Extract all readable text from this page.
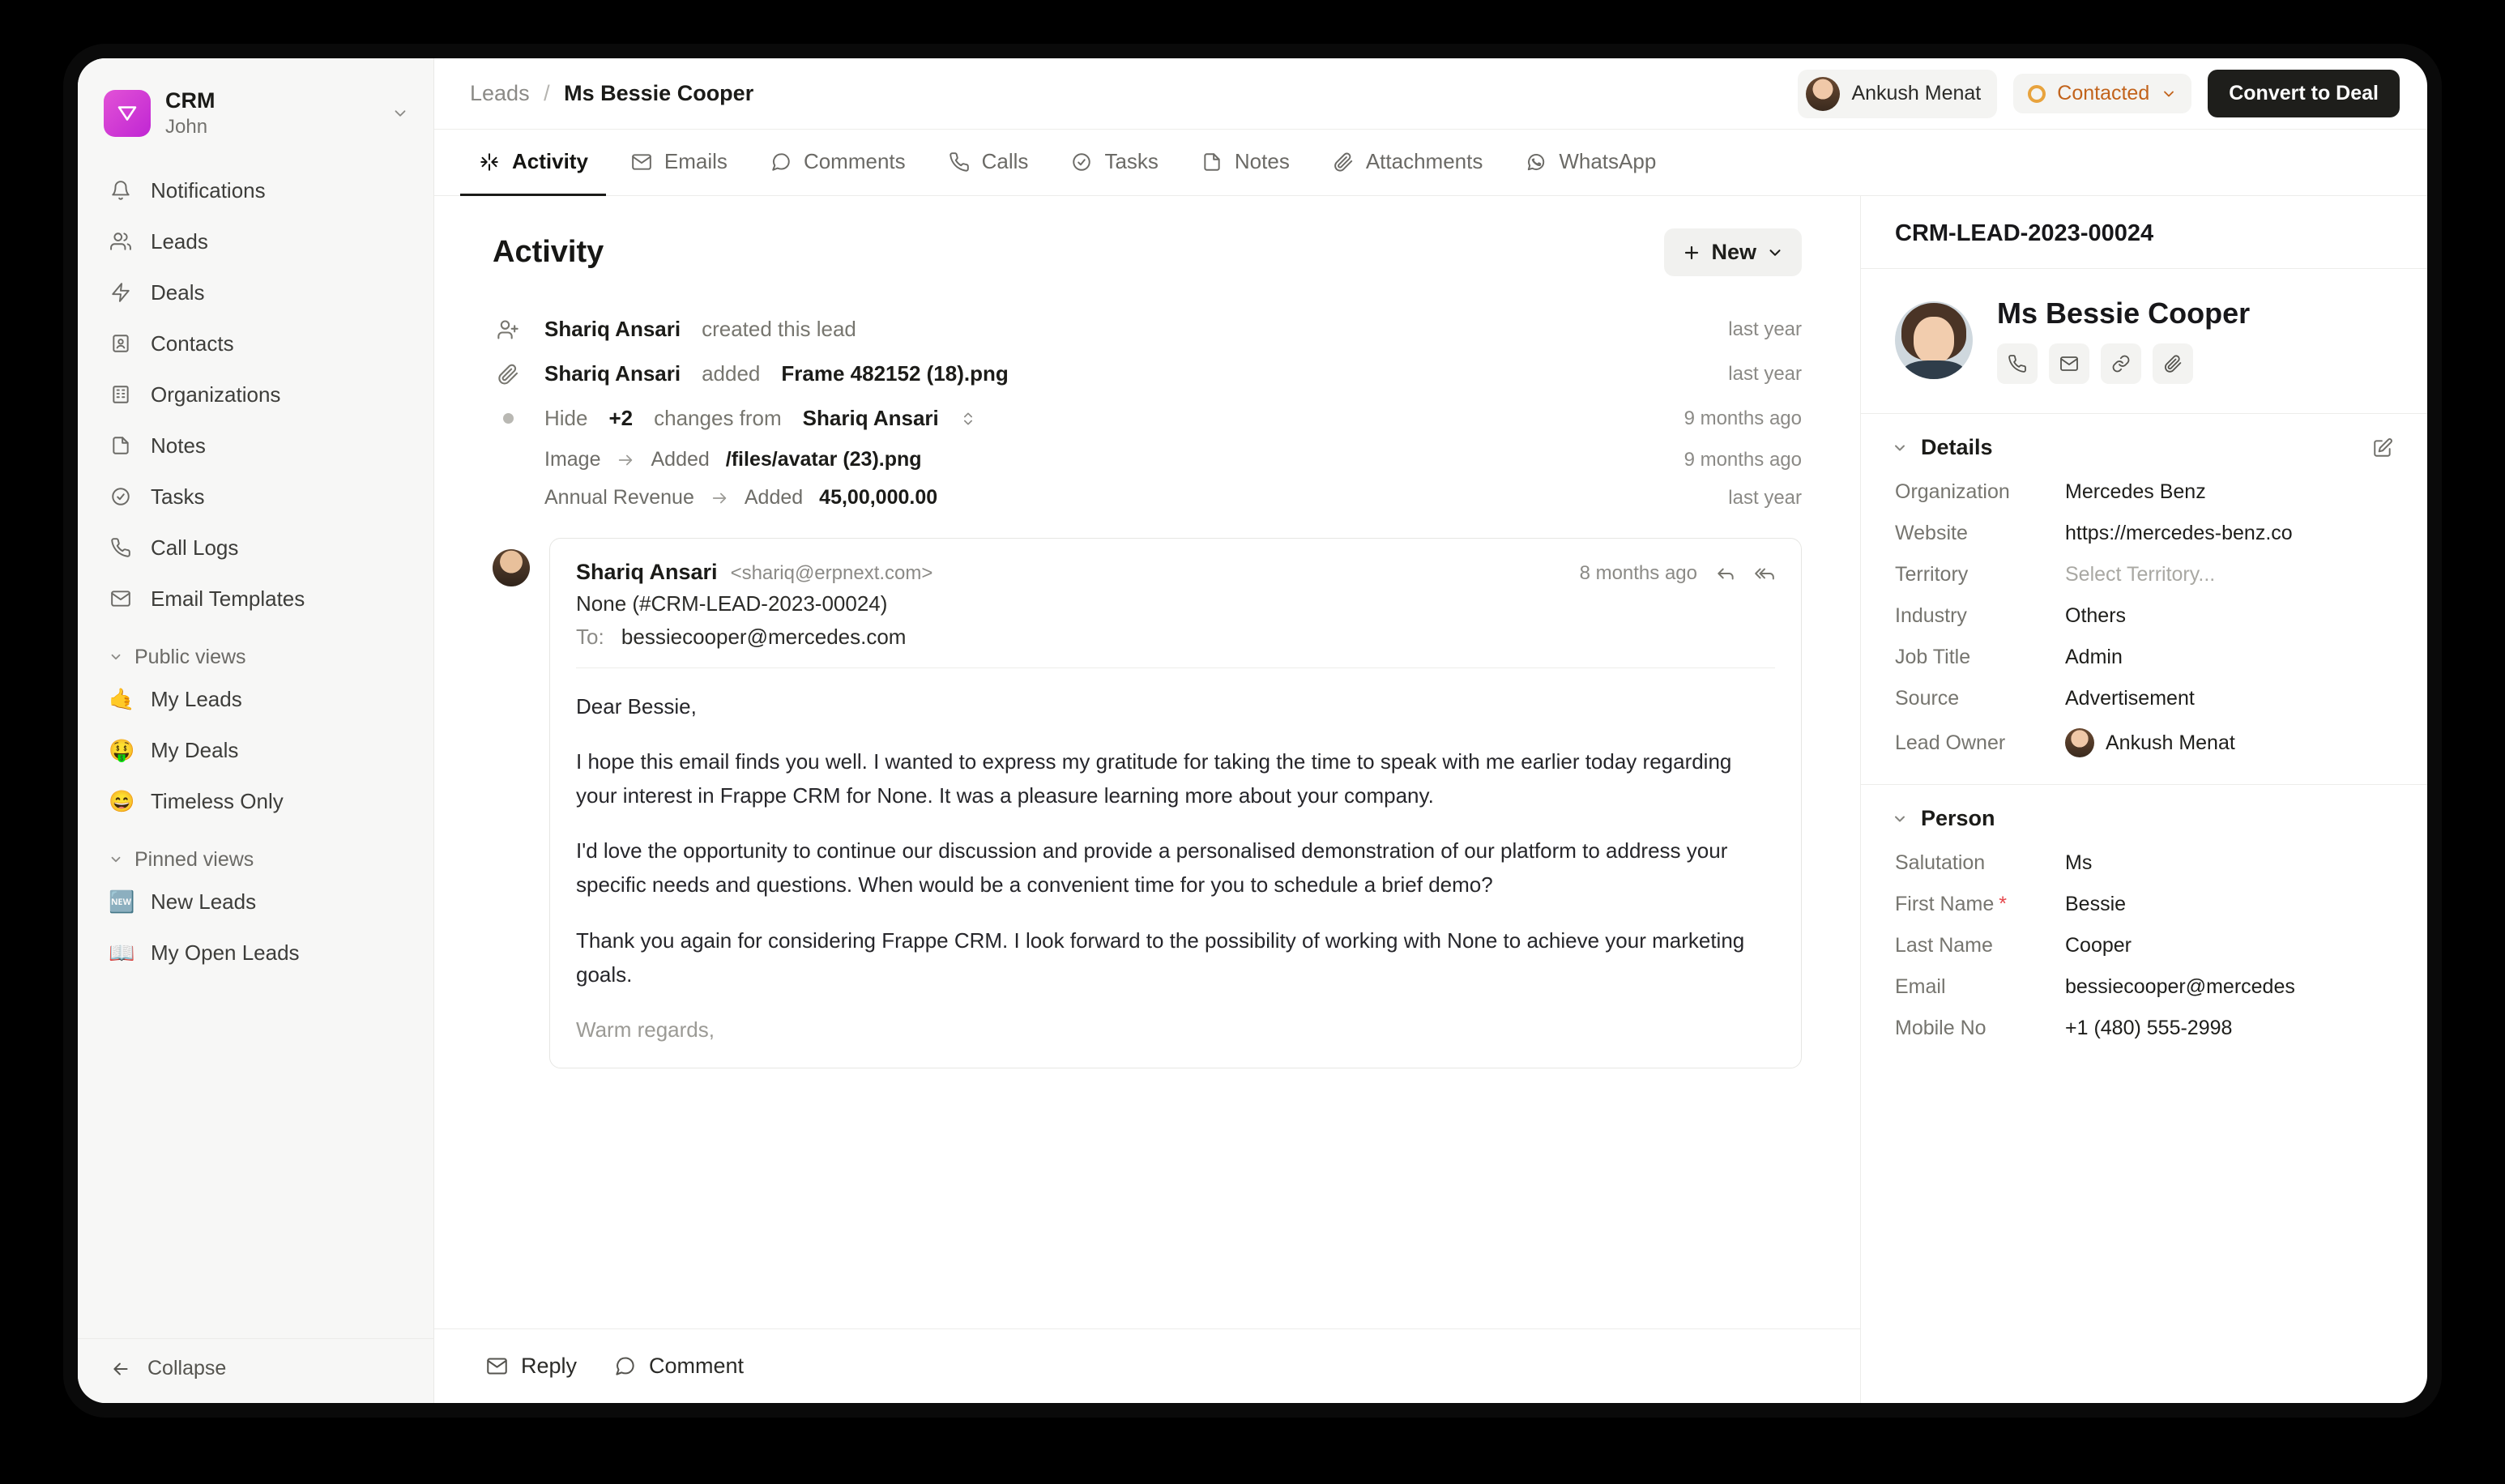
CRM
John
Notifications
Leads
Deals
Contacts
Organizations
Notes
Tasks
Call Logs
Email Templates
Public views
🤙 My Leads
🤑 My Deals
😄 Timeless Only
Pinned views
🆕 New Leads
📖 My Open Leads
Collapse
Leads / Ms Bessie Cooper	Ankush Menat	Contacted	Convert to Deal
Activity	Emails	Comments	Calls	Tasks	Notes	Attachments	WhatsApp
Activity	New
Shariq Ansari created this lead	last year
Shariq Ansari added Frame 482152 (18).png	last year
Hide +2 changes from Shariq Ansari	9 months ago
Image Added /files/avatar (23).png	9 months ago
Annual Revenue Added 45,00,000.00	last year
Shariq Ansari <shariq@erpnext.com>	8 months ago
None (#CRM-LEAD-2023-00024)
To: bessiecooper@mercedes.com

Dear Bessie,

I hope this email finds you well. I wanted to express my gratitude for taking the time to speak with me earlier today regarding your interest in Frappe CRM for None. It was a pleasure learning more about your company.

I'd love the opportunity to continue our discussion and provide a personalised demonstration of our platform to address your specific needs and questions. When would be a convenient time for you to schedule a brief demo?

Thank you again for considering Frappe CRM. I look forward to the possibility of working with None to achieve your marketing goals.

Warm regards,

Reply	Comment
CRM-LEAD-2023-00024
Ms Bessie Cooper
Details
Organization	Mercedes Benz
Website	https://mercedes-benz.co
Territory	Select Territory...
Industry	Others
Job Title	Admin
Source	Advertisement
Lead Owner	Ankush Menat
Person
Salutation	Ms
First Name *	Bessie
Last Name	Cooper
Email	bessiecooper@mercedes
Mobile No	+1 (480) 555-2998
